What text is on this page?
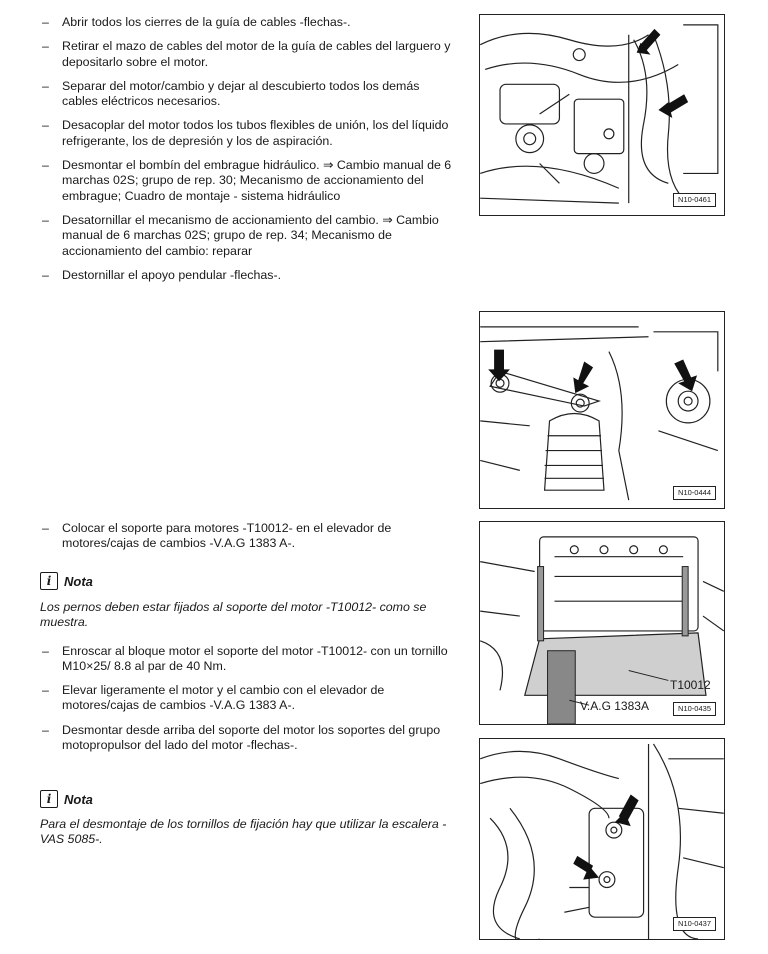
– Abrir todos los cierres de la guía de cables -flechas-.

– Retirar el mazo de cables del motor de la guía de cables del larguero y depositarlo sobre el motor.

– Separar del motor/cambio y dejar al descubierto todos los demás cables eléctricos necesarios.

– Desacoplar del motor todos los tubos flexibles de unión, los del líquido refrigerante, los de depresión y los de aspiración.

– Desmontar el bombín del embrague hidráulico. ⇒ Cambio manual de 6 marchas 02S; grupo de rep. 30; Mecanismo de accionamiento del embrague; Cuadro de montaje - sistema hidráulico

– Desatornillar el mecanismo de accionamiento del cambio. ⇒ Cambio manual de 6 marchas 02S; grupo de rep. 34; Mecanismo de accionamiento del cambio: reparar

– Destornillar el apoyo pendular -flechas-.

– Colocar el soporte para motores -T10012- en el elevador de motores/cajas de cambios -V.A.G 1383 A-.

i Nota

Los pernos deben estar fijados al soporte del motor -T10012- como se muestra.

– Enroscar al bloque motor el soporte del motor -T10012- con un tornillo M10×25/ 8.8 al par de 40 Nm.

– Elevar ligeramente el motor y el cambio con el elevador de motores/cajas de cambios -V.A.G 1383 A-.

– Desmontar desde arriba del soporte del motor los soportes del grupo motopropulsor del lado del motor -flechas-.

i Nota

Para el desmontaje de los tornillos de fijación hay que utilizar la escalera -VAS 5085-.

N10-0461
N10-0444
T10012
V.A.G 1383A	N10-0435
N10-0437
